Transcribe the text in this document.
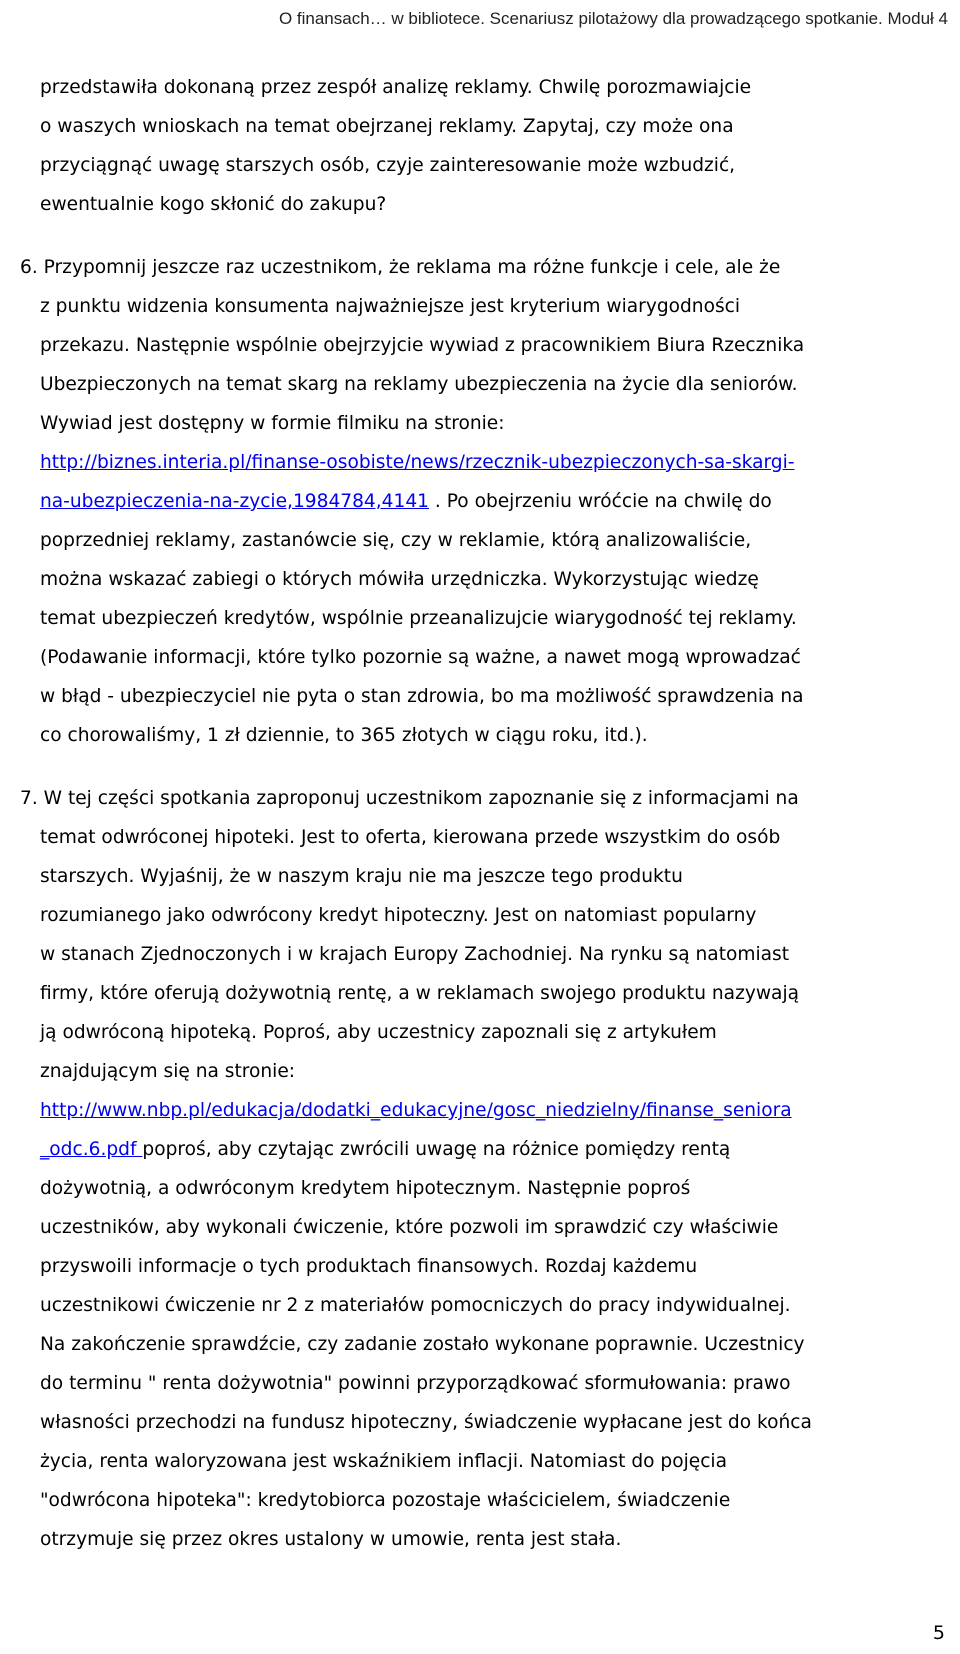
O finansach… w bibliotece. Scenariusz pilotażowy dla prowadzącego spotkanie. Moduł 4
przedstawiła dokonaną przez zespół analizę reklamy. Chwilę porozmawiajcie
o waszych wnioskach na temat obejrzanej reklamy. Zapytaj, czy może ona
przyciągnąć uwagę starszych osób, czyje zainteresowanie może wzbudzić,
ewentualnie kogo skłonić do zakupu?
6. Przypomnij jeszcze raz uczestnikom, że reklama ma różne funkcje i cele, ale że
z punktu widzenia konsumenta najważniejsze jest kryterium wiarygodności
przekazu. Następnie wspólnie obejrzyjcie wywiad z pracownikiem Biura Rzecznika
Ubezpieczonych na temat skarg na reklamy ubezpieczenia na życie dla seniorów.
Wywiad jest dostępny w formie filmiku na stronie:
http://biznes.interia.pl/finanse-osobiste/news/rzecznik-ubezpieczonych-sa-skargi-
na-ubezpieczenia-na-zycie,1984784,4141 . Po obejrzeniu wróćcie na chwilę do
poprzedniej reklamy, zastanówcie się, czy w reklamie, którą analizowaliście,
można wskazać zabiegi o których mówiła urzędniczka. Wykorzystując wiedzę
temat ubezpieczeń kredytów, wspólnie przeanalizujcie wiarygodność tej reklamy.
(Podawanie informacji, które tylko pozornie są ważne, a nawet mogą wprowadzać
w błąd - ubezpieczyciel nie pyta o stan zdrowia, bo ma możliwość sprawdzenia na
co chorowaliśmy, 1 zł dziennie, to 365 złotych w ciągu roku, itd.).
7. W tej części spotkania zaproponuj uczestnikom zapoznanie się z informacjami na
temat odwróconej hipoteki. Jest to oferta, kierowana przede wszystkim do osób
starszych. Wyjaśnij, że w naszym kraju nie ma jeszcze tego produktu
rozumianego jako odwrócony kredyt hipoteczny. Jest on natomiast popularny
w stanach Zjednoczonych i w krajach Europy Zachodniej. Na rynku są natomiast
firmy, które oferują dożywotnią rentę, a w reklamach swojego produktu nazywają
ją odwróconą hipoteką. Poproś, aby uczestnicy zapoznali się z artykułem
znajdującym się na stronie:
http://www.nbp.pl/edukacja/dodatki_edukacyjne/gosc_niedzielny/finanse_seniora
_odc.6.pdf poproś, aby czytając zwrócili uwagę na różnice pomiędzy rentą
dożywotnią, a odwróconym kredytem hipotecznym. Następnie poproś
uczestników, aby wykonali ćwiczenie, które pozwoli im sprawdzić czy właściwie
przyswoili informacje o tych produktach finansowych. Rozdaj każdemu
uczestnikowi ćwiczenie nr 2 z materiałów pomocniczych do pracy indywidualnej.
Na zakończenie sprawdźcie, czy zadanie zostało wykonane poprawnie. Uczestnicy
do terminu " renta dożywotnia" powinni przyporządkować sformułowania: prawo
własności przechodzi na fundusz hipoteczny, świadczenie wypłacane jest do końca
życia, renta waloryzowana jest wskaźnikiem inflacji. Natomiast do pojęcia
"odwrócona hipoteka": kredytobiorca pozostaje właścicielem, świadczenie
otrzymuje się przez okres ustalony w umowie, renta jest stała.
5
